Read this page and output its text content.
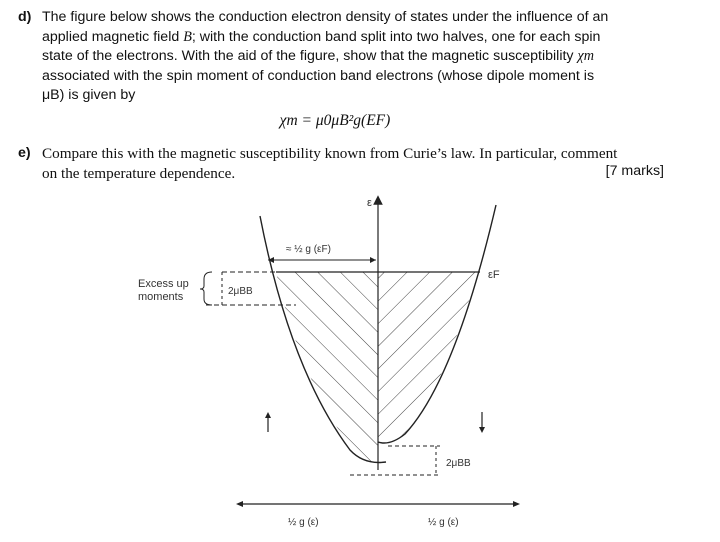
d) The figure below shows the conduction electron density of states under the influence of an
applied magnetic field B; with the conduction band split into two halves, one for each spin
state of the electrons. With the aid of the figure, show that the magnetic susceptibility χm
associated with the spin moment of conduction band electrons (whose dipole moment is
μB) is given by
χm = μ0μB²g(EF)
e) Compare this with the magnetic susceptibility known from Curie’s law. In particular, comment
on the temperature dependence.	[7 marks]
ε
εF
≈ ½ g (εF)
2μBB
Excess up
moments
2μBB
½ g (ε)	½ g (ε)
